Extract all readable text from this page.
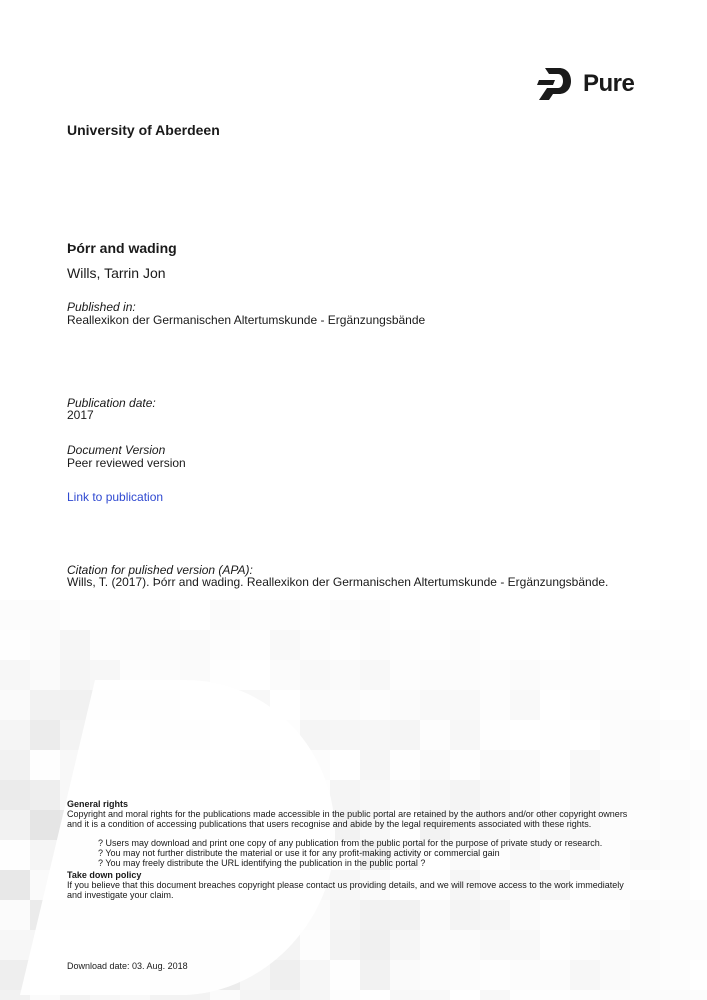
Pure
University of Aberdeen
Þórr and wading
Wills, Tarrin Jon
Published in:
Reallexikon der Germanischen Altertumskunde - Ergänzungsbände
Publication date:
2017
Document Version
Peer reviewed version
Link to publication
Citation for pulished version (APA):
Wills, T. (2017). Þórr and wading. Reallexikon der Germanischen Altertumskunde - Ergänzungsbände.
General rights
Copyright and moral rights for the publications made accessible in the public portal are retained by the authors and/or other copyright owners
and it is a condition of accessing publications that users recognise and abide by the legal requirements associated with these rights.
? Users may download and print one copy of any publication from the public portal for the purpose of private study or research.
? You may not further distribute the material or use it for any profit-making activity or commercial gain
? You may freely distribute the URL identifying the publication in the public portal ?
Take down policy
If you believe that this document breaches copyright please contact us providing details, and we will remove access to the work immediately
and investigate your claim.
Download date: 03. Aug. 2018
